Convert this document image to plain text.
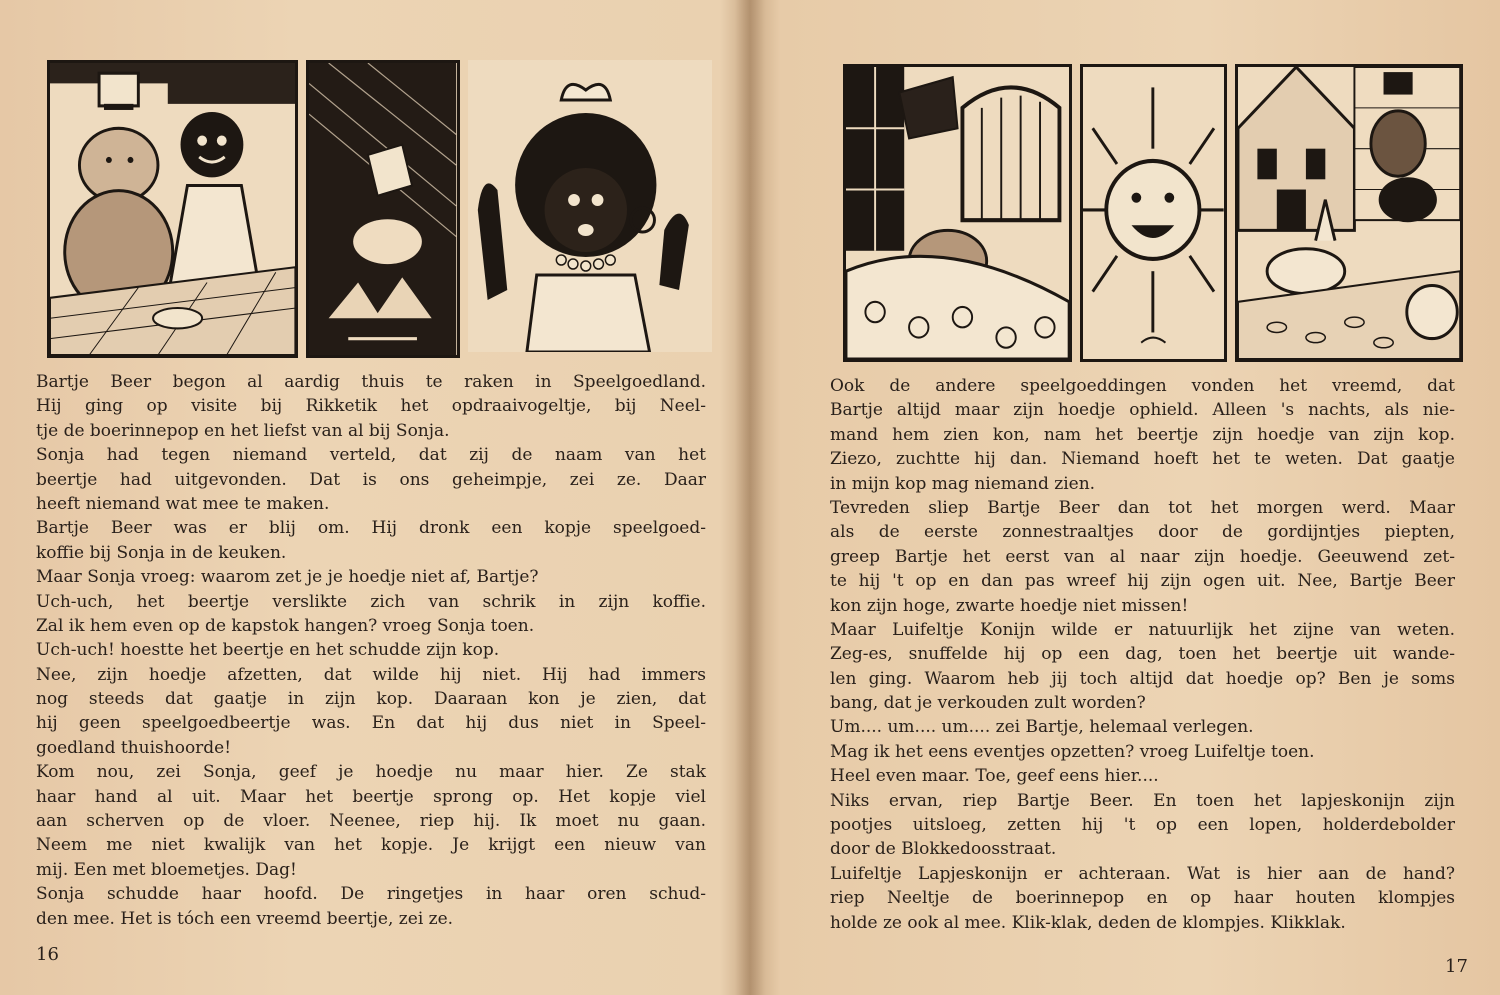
Bartje Beer begon al aardig thuis te raken in Speelgoedland.
Hij ging op visite bij Rikketik het opdraaivogeltje, bij Neel-
tje de boerinnepop en het liefst van al bij Sonja.
Sonja had tegen niemand verteld, dat zij de naam van het
beertje had uitgevonden. Dat is ons geheimpje, zei ze. Daar
heeft niemand wat mee te maken.
Bartje Beer was er blij om. Hij dronk een kopje speelgoed-
koffie bij Sonja in de keuken.
Maar Sonja vroeg: waarom zet je je hoedje niet af, Bartje?
Uch-uch, het beertje verslikte zich van schrik in zijn koffie.
Zal ik hem even op de kapstok hangen? vroeg Sonja toen.
Uch-uch! hoestte het beertje en het schudde zijn kop.
Nee, zijn hoedje afzetten, dat wilde hij niet. Hij had immers
nog steeds dat gaatje in zijn kop. Daaraan kon je zien, dat
hij geen speelgoedbeertje was. En dat hij dus niet in Speel-
goedland thuishoorde!
Kom nou, zei Sonja, geef je hoedje nu maar hier. Ze stak
haar hand al uit. Maar het beertje sprong op. Het kopje viel
aan scherven op de vloer. Neenee, riep hij. Ik moet nu gaan.
Neem me niet kwalijk van het kopje. Je krijgt een nieuw van
mij. Een met bloemetjes. Dag!
Sonja schudde haar hoofd. De ringetjes in haar oren schud-
den mee. Het is tóch een vreemd beertje, zei ze.
16
Ook de andere speelgoeddingen vonden het vreemd, dat
Bartje altijd maar zijn hoedje ophield. Alleen 's nachts, als nie-
mand hem zien kon, nam het beertje zijn hoedje van zijn kop.
Ziezo, zuchtte hij dan. Niemand hoeft het te weten. Dat gaatje
in mijn kop mag niemand zien.
Tevreden sliep Bartje Beer dan tot het morgen werd. Maar
als de eerste zonnestraaltjes door de gordijntjes piepten,
greep Bartje het eerst van al naar zijn hoedje. Geeuwend zet-
te hij 't op en dan pas wreef hij zijn ogen uit. Nee, Bartje Beer
kon zijn hoge, zwarte hoedje niet missen!
Maar Luifeltje Konijn wilde er natuurlijk het zijne van weten.
Zeg-es, snuffelde hij op een dag, toen het beertje uit wande-
len ging. Waarom heb jij toch altijd dat hoedje op? Ben je soms
bang, dat je verkouden zult worden?
Um.... um.... um.... zei Bartje, helemaal verlegen.
Mag ik het eens eventjes opzetten? vroeg Luifeltje toen.
Heel even maar. Toe, geef eens hier....
Niks ervan, riep Bartje Beer. En toen het lapjeskonijn zijn
pootjes uitsloeg, zetten hij 't op een lopen, holderdebolder
door de Blokkedoosstraat.
Luifeltje Lapjeskonijn er achteraan. Wat is hier aan de hand?
riep Neeltje de boerinnepop en op haar houten klompjes
holde ze ook al mee. Klik-klak, deden de klompjes. Klikklak.
17
